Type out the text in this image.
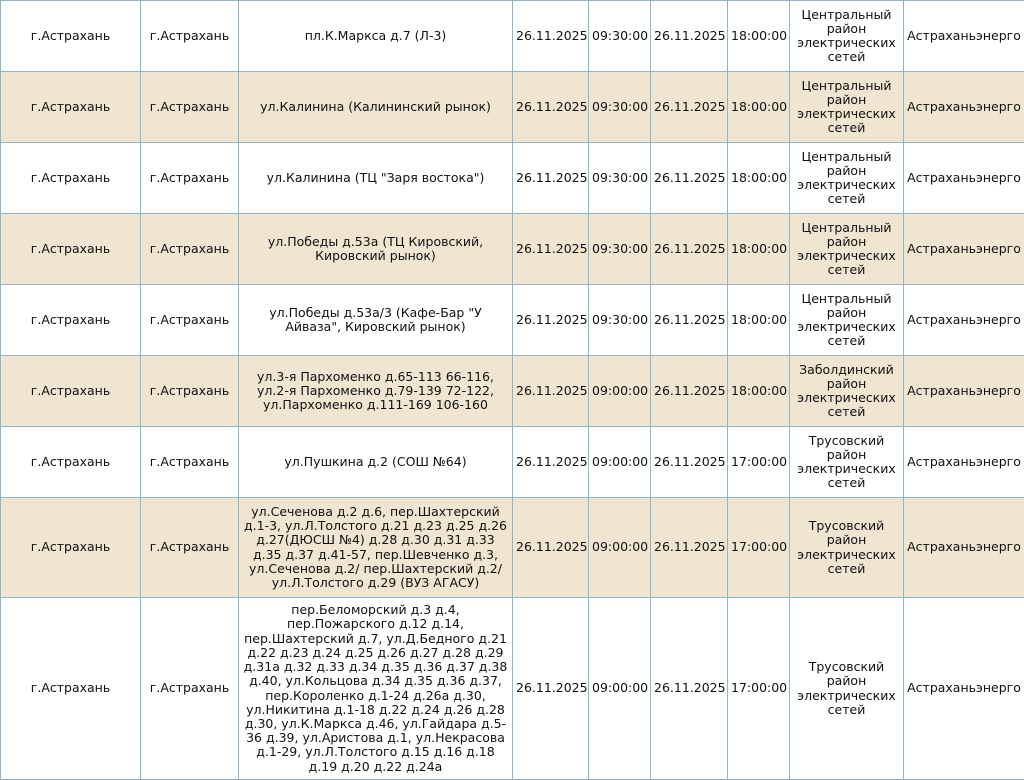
г.Астрахань	г.Астрахань	пл.К.Маркса д.7 (Л-3)	26.11.2025	09:30:00	26.11.2025	18:00:00	Центральный район электрических сетей	Астраханьэнерго
г.Астрахань	г.Астрахань	ул.Калинина (Калининский рынок)	26.11.2025	09:30:00	26.11.2025	18:00:00	Центральный район электрических сетей	Астраханьэнерго
г.Астрахань	г.Астрахань	ул.Калинина (ТЦ "Заря востока")	26.11.2025	09:30:00	26.11.2025	18:00:00	Центральный район электрических сетей	Астраханьэнерго
г.Астрахань	г.Астрахань	ул.Победы д.53а (ТЦ Кировский, Кировский рынок)	26.11.2025	09:30:00	26.11.2025	18:00:00	Центральный район электрических сетей	Астраханьэнерго
г.Астрахань	г.Астрахань	ул.Победы д.53а/3 (Кафе-Бар "У Айваза", Кировский рынок)	26.11.2025	09:30:00	26.11.2025	18:00:00	Центральный район электрических сетей	Астраханьэнерго
г.Астрахань	г.Астрахань	ул.3-я Пархоменко д.65-113 66-116, ул.2-я Пархоменко д.79-139 72-122, ул.Пархоменко д.111-169 106-160	26.11.2025	09:00:00	26.11.2025	18:00:00	Заболдинский район электрических сетей	Астраханьэнерго
г.Астрахань	г.Астрахань	ул.Пушкина д.2 (СОШ №64)	26.11.2025	09:00:00	26.11.2025	17:00:00	Трусовский район электрических сетей	Астраханьэнерго
г.Астрахань	г.Астрахань	ул.Сеченова д.2 д.6, пер.Шахтерский д.1-3, ул.Л.Толстого д.21 д.23 д.25 д.26 д.27(ДЮСШ №4) д.28 д.30 д.31 д.33 д.35 д.37 д.41-57, пер.Шевченко д.3, ул.Сеченова д.2/ пер.Шахтерский д.2/ ул.Л.Толстого д.29 (ВУЗ АГАСУ)	26.11.2025	09:00:00	26.11.2025	17:00:00	Трусовский район электрических сетей	Астраханьэнерго
г.Астрахань	г.Астрахань	пер.Беломорский д.3 д.4, пер.Пожарского д.12 д.14, пер.Шахтерский д.7, ул.Д.Бедного д.21 д.22 д.23 д.24 д.25 д.26 д.27 д.28 д.29 д.31а д.32 д.33 д.34 д.35 д.36 д.37 д.38 д.40, ул.Кольцова д.34 д.35 д.36 д.37, пер.Короленко д.1-24 д.26а д.30, ул.Никитина д.1-18 д.22 д.24 д.26 д.28 д.30, ул.К.Маркса д.46, ул.Гайдара д.5-36 д.39, ул.Аристова д.1, ул.Некрасова д.1-29, ул.Л.Толстого д.15 д.16 д.18 д.19 д.20 д.22 д.24а	26.11.2025	09:00:00	26.11.2025	17:00:00	Трусовский район электрических сетей	Астраханьэнерго
